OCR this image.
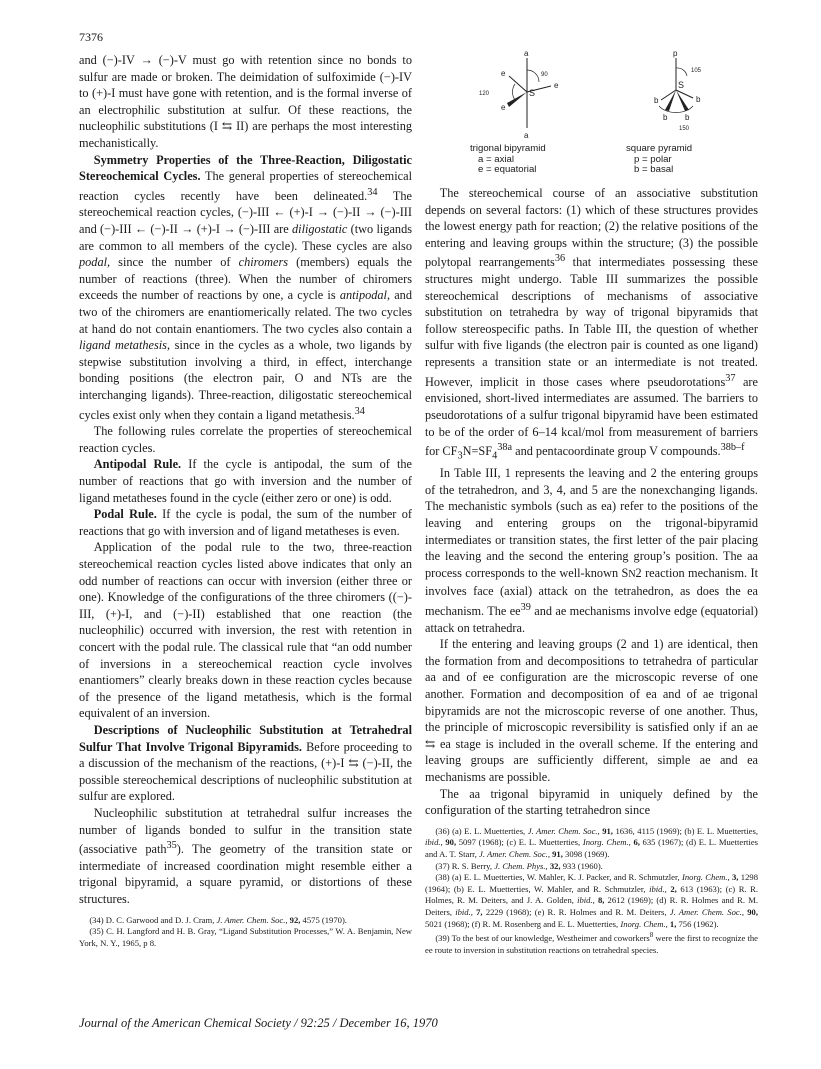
7376
a
a
e
e
e
S
90
120
trigonal bipyramid
a = axial
e = equatorial
p
b	b
b b
S
105
150
square pyramid
p = polar
b = basal

and (−)-IV → (−)-V must go with retention since no bonds to sulfur are made or broken. The deimidation of sulfoximide (−)-IV to (+)-I must have gone with retention, and is the formal inverse of an electrophilic substitution at sulfur. Of these reactions, the nucleophilic substitutions (I ⇆ II) are perhaps the most interesting mechanistically.

Symmetry Properties of the Three-Reaction, Diligostatic Stereochemical Cycles. The general properties of stereochemical reaction cycles recently have been delineated.$^{34}$ The stereochemical reaction cycles, (−)-III ← (+)-I → (−)-II → (−)-III and (−)-III ← (−)-II → (+)-I → (−)-III are diligostatic (two ligands are common to all members of the cycle). These cycles are also podal, since the number of chiromers (members) equals the number of reactions (three). When the number of chiromers exceeds the number of reactions by one, a cycle is antipodal, and two of the chiromers are enantiomerically related. The two cycles at hand do not contain enantiomers. The two cycles also contain a ligand metathesis, since in the cycles as a whole, two ligands by stepwise substitution involving a third, in effect, interchange bonding positions (the electron pair, O and NTs are the interchanging ligands). Three-reaction, diligostatic stereochemical cycles exist only when they contain a ligand metathesis.$^{34}$

The following rules correlate the properties of stereochemical reaction cycles.

Antipodal Rule. If the cycle is antipodal, the sum of the number of reactions that go with inversion and the number of ligand metatheses found in the cycle (either zero or one) is odd.

Podal Rule. If the cycle is podal, the sum of the number of reactions that go with inversion and of ligand metatheses is even.

Application of the podal rule to the two, three-reaction stereochemical reaction cycles listed above indicates that only an odd number of reactions can occur with inversion (either three or one). Knowledge of the configurations of the three chiromers ((−)-III, (+)-I, and (−)-II) established that one reaction (the nucleophilic) occurred with inversion, the rest with retention in concert with the podal rule. The classical rule that “an odd number of inversions in a stereochemical reaction cycle involves enantiomers” clearly breaks down in these reaction cycles because of the presence of the ligand metathesis, which is the formal equivalent of an inversion.

Descriptions of Nucleophilic Substitution at Tetrahedral Sulfur That Involve Trigonal Bipyramids. Before proceeding to a discussion of the mechanism of the reactions, (+)-I ⇆ (−)-II, the possible stereochemical descriptions of nucleophilic substitution at sulfur are explored.

Nucleophilic substitution at tetrahedral sulfur increases the number of ligands bonded to sulfur in the transition state (associative path$^{35}$). The geometry of the transition state or intermediate of increased coordination might resemble either a trigonal bipyramid, a square pyramid, or distortions of these structures.

(34) D. C. Garwood and D. J. Cram, J. Amer. Chem. Soc., 92, 4575 (1970).

(35) C. H. Langford and H. B. Gray, “Ligand Substitution Processes,” W. A. Benjamin, New York, N. Y., 1965, p 8.

The stereochemical course of an associative substitution depends on several factors: (1) which of these structures provides the lowest energy path for reaction; (2) the relative positions of the entering and leaving groups within the structure; (3) the possible polytopal rearrangements$^{36}$ that intermediates possessing these structures might undergo. Table III summarizes the possible stereochemical descriptions of mechanisms of associative substitution on tetrahedra by way of trigonal bipyramids that follow stereospecific paths. In Table III, the question of whether sulfur with five ligands (the electron pair is counted as one ligand) represents a transition state or an intermediate is not treated. However, implicit in those cases where pseudorotations$^{37}$ are envisioned, short-lived intermediates are assumed. The barriers to pseudorotations of a sulfur trigonal bipyramid have been estimated to be of the order of 6–14 kcal/mol from measurement of barriers for $CF_3N=SF_4^{38a}$ and pentacoordinate group V compounds.$^{38b-f}$

In Table III, 1 represents the leaving and 2 the entering groups of the tetrahedron, and 3, 4, and 5 are the nonexchanging ligands. The mechanistic symbols (such as ea) refer to the positions of the leaving and entering groups on the trigonal-bipyramid intermediates or transition states, the first letter of the pair placing the leaving and the second the entering group’s position. The aa process corresponds to the well-known SN2 reaction mechanism. It involves face (axial) attack on the tetrahedron, as does the ea mechanism. The $ee^{39}$ and ae mechanisms involve edge (equatorial) attack on tetrahedra.

If the entering and leaving groups (2 and 1) are identical, then the formation from and decompositions to tetrahedra of particular aa and of ee configuration are the microscopic reverse of one another. Formation and decomposition of ea and of ae trigonal bipyramids are not the microscopic reverse of one another. Thus, the principle of microscopic reversibility is satisfied only if an ae ⇆ ea stage is included in the overall scheme. If the entering and leaving groups are sufficiently different, simple ae and ea mechanisms are possible.

The aa trigonal bipyramid in uniquely defined by the configuration of the starting tetrahedron since

(36) (a) E. L. Muetterties, J. Amer. Chem. Soc., 91, 1636, 4115 (1969); (b) E. L. Muetterties, ibid., 90, 5097 (1968); (c) E. L. Muetterties, Inorg. Chem., 6, 635 (1967); (d) E. L. Muetterties and A. T. Starr, J. Amer. Chem. Soc., 91, 3098 (1969).

(37) R. S. Berry, J. Chem. Phys., 32, 933 (1960).

(38) (a) E. L. Muetterties, W. Mahler, K. J. Packer, and R. Schmutzler, Inorg. Chem., 3, 1298 (1964); (b) E. L. Muetterties, W. Mahler, and R. Schmutzler, ibid., 2, 613 (1963); (c) R. R. Holmes, R. M. Deiters, and J. A. Golden, ibid., 8, 2612 (1969); (d) R. R. Holmes and R. M. Deiters, ibid., 7, 2229 (1968); (e) R. R. Holmes and R. M. Deiters, J. Amer. Chem. Soc., 90, 5021 (1968); (f) R. M. Rosenberg and E. L. Muetterties, Inorg. Chem., 1, 756 (1962).

(39) To the best of our knowledge, Westheimer and coworkers$^8$ were the first to recognize the ee route to inversion in substitution reactions on tetrahedral species.

Journal of the American Chemical Society / 92:25 / December 16, 1970
